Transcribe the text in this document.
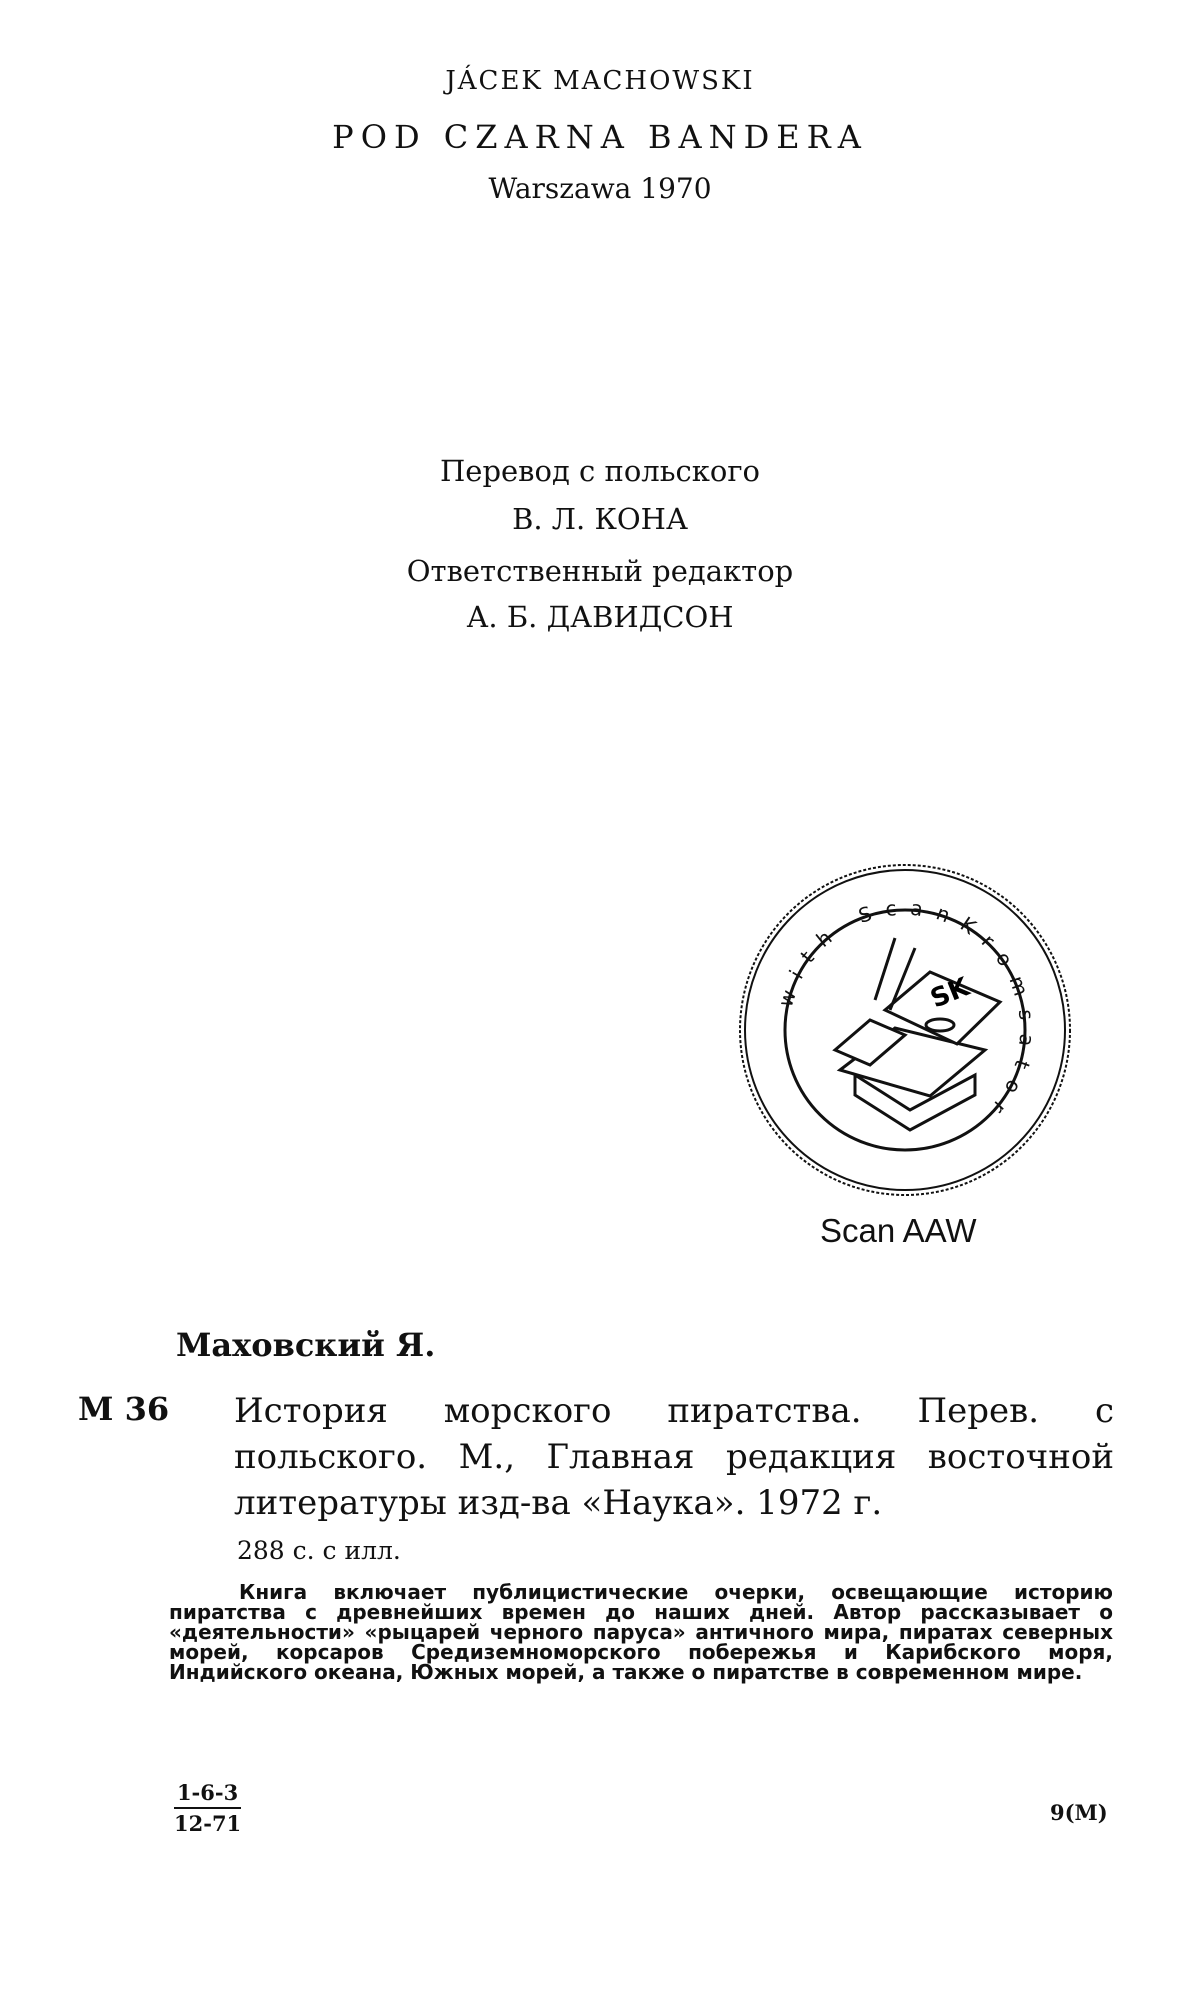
JÁCEK MACHOWSKI
POD CZARNA BANDERA
Warszawa 1970
Перевод с польского
В. Л. КОНА
Ответственный редактор
А. Б. ДАВИДСОН
with ScanKromsator
SK
Scan AAW
Маховский Я.
М 36 История морского пиратства. Перев. с польского. М., Главная редакция восточной литературы изд-ва «Наука». 1972 г.
288 с. с илл.
Книга включает публицистические очерки, освещающие историю пиратства с древнейших времен до наших дней. Автор рассказывает о «деятельности» «рыцарей черного паруса» античного мира, пиратах северных морей, корсаров Средиземноморского побережья и Карибского моря, Индийского океана, Южных морей, а также о пиратстве в современном мире.
1-6-3
12-71	9(М)
